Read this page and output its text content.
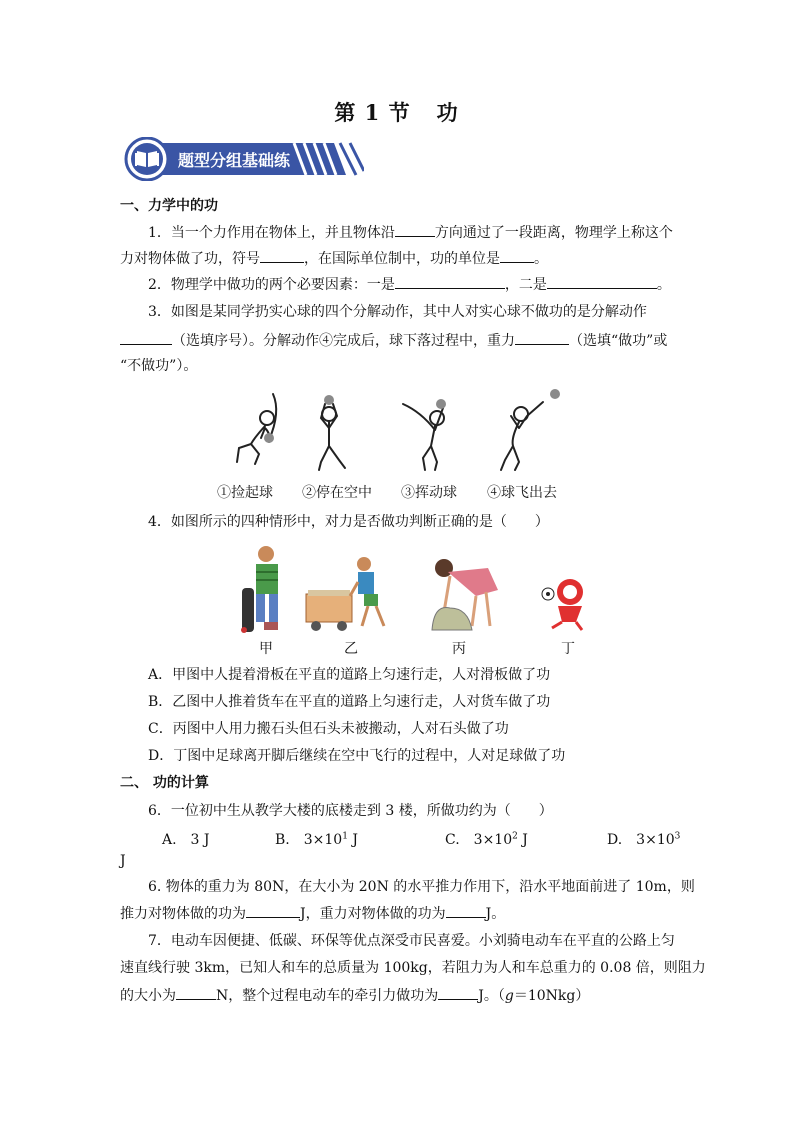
第 1 节 功
题型分组基础练
一、力学中的功
1．当一个力作用在物体上，并且物体沿	方向通过了一段距离，物理学上称这个
力对物体做了功，符号	，在国际单位制中，功的单位是 。
2．物理学中做功的两个必要因素：一是	，二是	。
3．如图是某同学扔实心球的四个分解动作，其中人对实心球不做功的是分解动作
（选填序号）。分解动作④完成后，球下落过程中，重力	（选填“做功”或
“不做功”）。
①捡起球 ②停在空中 ③挥动球 ④球飞出去
4．如图所示的四种情形中，对力是否做功判断正确的是（　　）
甲	乙	丙	丁
A．甲图中人提着滑板在平直的道路上匀速行走，人对滑板做了功
B．乙图中人推着货车在平直的道路上匀速行走，人对货车做了功
C．丙图中人用力搬石头但石头未被搬动，人对石头做了功
D．丁图中足球离开脚后继续在空中飞行的过程中，人对足球做了功
二、 功的计算
6．一位初中生从教学大楼的底楼走到 3 楼，所做功约为（　　）
A.　3 J	B.　$3\times 10^1$ J	C.　$3\times 10^2$ J	D.　$3\times 10^3$
J
6. 物体的重力为 80N，在大小为 20N 的水平推力作用下，沿水平地面前进了 10m，则
推力对物体做的功为	J，重力对物体做的功为	J。
7．电动车因便捷、低碳、环保等优点深受市民喜爱。小刘骑电动车在平直的公路上匀
速直线行驶 3km，已知人和车的总质量为 100kg，若阻力为人和车总重力的 0.08 倍，则阻力
的大小为	N，整个过程电动车的牵引力做功为	J。（g＝10Nkg）
